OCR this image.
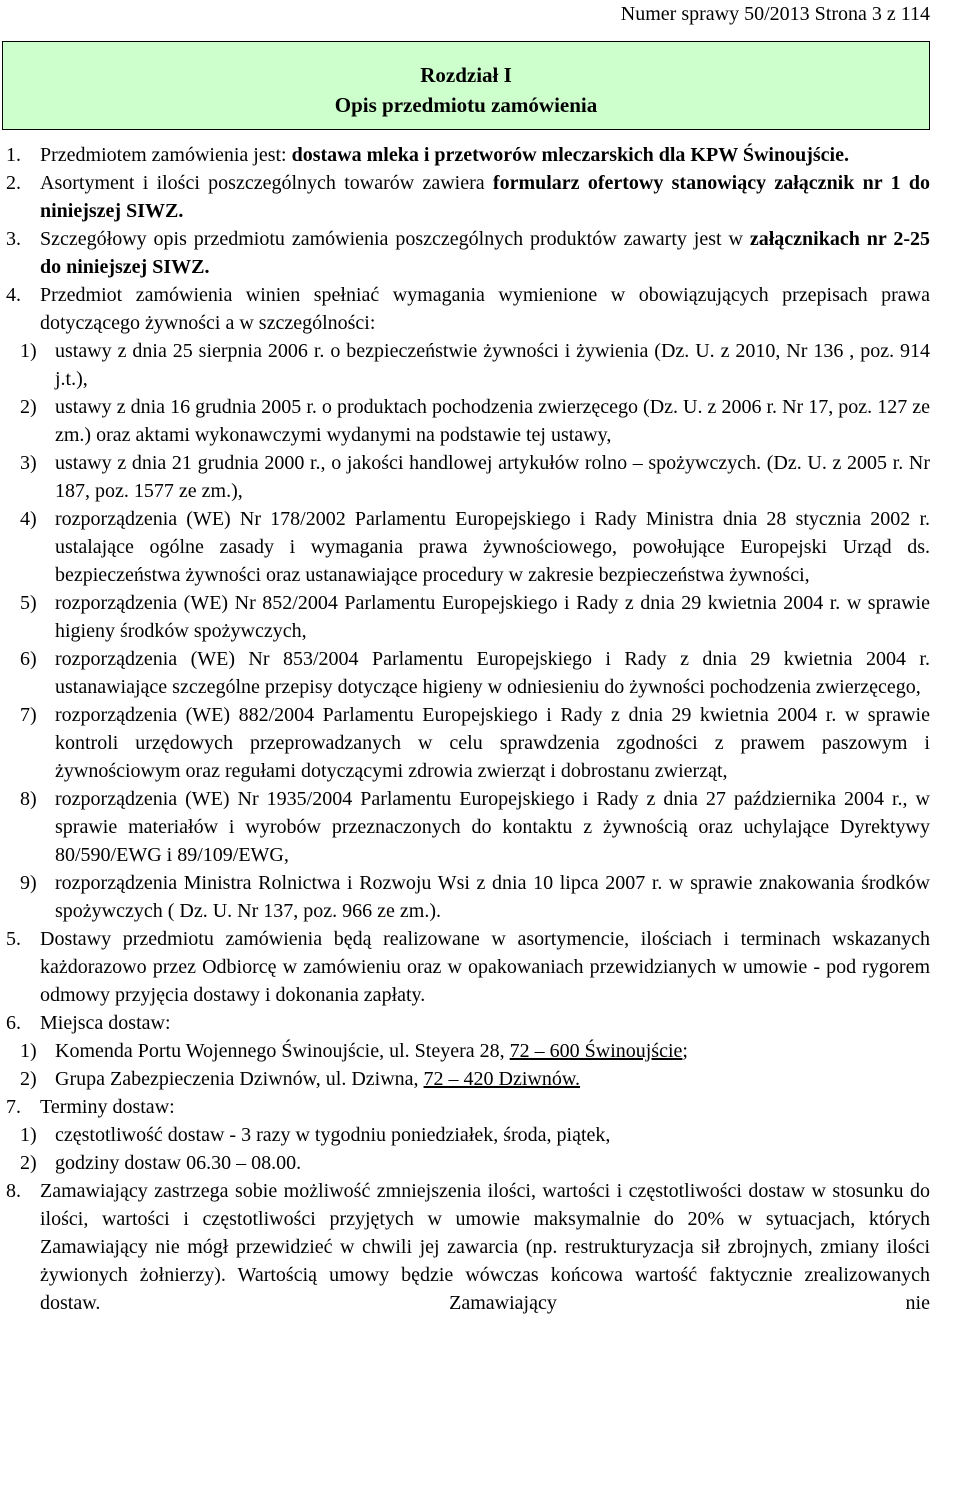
Numer sprawy 50/2013 Strona 3 z 114
Rozdział I
Opis przedmiotu zamówienia
1. Przedmiotem zamówienia jest: dostawa mleka i przetworów mleczarskich dla KPW Świnoujście.
2. Asortyment i ilości poszczególnych towarów zawiera formularz ofertowy stanowiący załącznik nr 1 do niniejszej SIWZ.
3. Szczegółowy opis przedmiotu zamówienia poszczególnych produktów zawarty jest w załącznikach nr 2-25 do niniejszej SIWZ.
4. Przedmiot zamówienia winien spełniać wymagania wymienione w obowiązujących przepisach prawa dotyczącego żywności a w szczególności:
1) ustawy z dnia 25 sierpnia 2006 r. o bezpieczeństwie żywności i żywienia (Dz. U. z 2010, Nr 136 , poz. 914 j.t.),
2) ustawy z dnia 16 grudnia 2005 r. o produktach pochodzenia zwierzęcego (Dz. U. z 2006 r. Nr 17, poz. 127 ze zm.) oraz aktami wykonawczymi wydanymi na podstawie tej ustawy,
3) ustawy z dnia 21 grudnia 2000 r., o jakości handlowej artykułów rolno – spożywczych. (Dz. U. z 2005 r. Nr 187, poz. 1577 ze zm.),
4) rozporządzenia (WE) Nr 178/2002 Parlamentu Europejskiego i Rady Ministra dnia 28 stycznia 2002 r. ustalające ogólne zasady i wymagania prawa żywnościowego, powołujące Europejski Urząd ds. bezpieczeństwa żywności oraz ustanawiające procedury w zakresie bezpieczeństwa żywności,
5) rozporządzenia (WE) Nr 852/2004 Parlamentu Europejskiego i Rady z dnia 29 kwietnia 2004 r. w sprawie higieny środków spożywczych,
6) rozporządzenia (WE) Nr 853/2004 Parlamentu Europejskiego i Rady z dnia 29 kwietnia 2004 r. ustanawiające szczególne przepisy dotyczące higieny w odniesieniu do żywności pochodzenia zwierzęcego,
7) rozporządzenia (WE) 882/2004 Parlamentu Europejskiego i Rady z dnia 29 kwietnia 2004 r. w sprawie kontroli urzędowych przeprowadzanych w celu sprawdzenia zgodności z prawem paszowym i żywnościowym oraz regułami dotyczącymi zdrowia zwierząt i dobrostanu zwierząt,
8) rozporządzenia (WE) Nr 1935/2004 Parlamentu Europejskiego i Rady z dnia 27 października 2004 r., w sprawie materiałów i wyrobów przeznaczonych do kontaktu z żywnością oraz uchylające Dyrektywy 80/590/EWG i 89/109/EWG,
9) rozporządzenia Ministra Rolnictwa i Rozwoju Wsi z dnia 10 lipca 2007 r. w sprawie znakowania środków spożywczych ( Dz. U. Nr 137, poz. 966 ze zm.).
5. Dostawy przedmiotu zamówienia będą realizowane w asortymencie, ilościach i terminach wskazanych każdorazowo przez Odbiorcę w zamówieniu oraz w opakowaniach przewidzianych w umowie - pod rygorem odmowy przyjęcia dostawy i dokonania zapłaty.
6. Miejsca dostaw:
1) Komenda Portu Wojennego Świnoujście, ul. Steyera 28, 72 – 600 Świnoujście;
2) Grupa Zabezpieczenia Dziwnów, ul. Dziwna, 72 – 420 Dziwnów.
7. Terminy dostaw:
1) częstotliwość dostaw - 3 razy w tygodniu poniedziałek, środa, piątek,
2) godziny dostaw 06.30 – 08.00.
8. Zamawiający zastrzega sobie możliwość zmniejszenia ilości, wartości i częstotliwości dostaw w stosunku do ilości, wartości i częstotliwości przyjętych w umowie maksymalnie do 20% w sytuacjach, których Zamawiający nie mógł przewidzieć w chwili jej zawarcia (np. restrukturyzacja sił zbrojnych, zmiany ilości żywionych żołnierzy). Wartością umowy będzie wówczas końcowa wartość faktycznie zrealizowanych dostaw. Zamawiający nie
